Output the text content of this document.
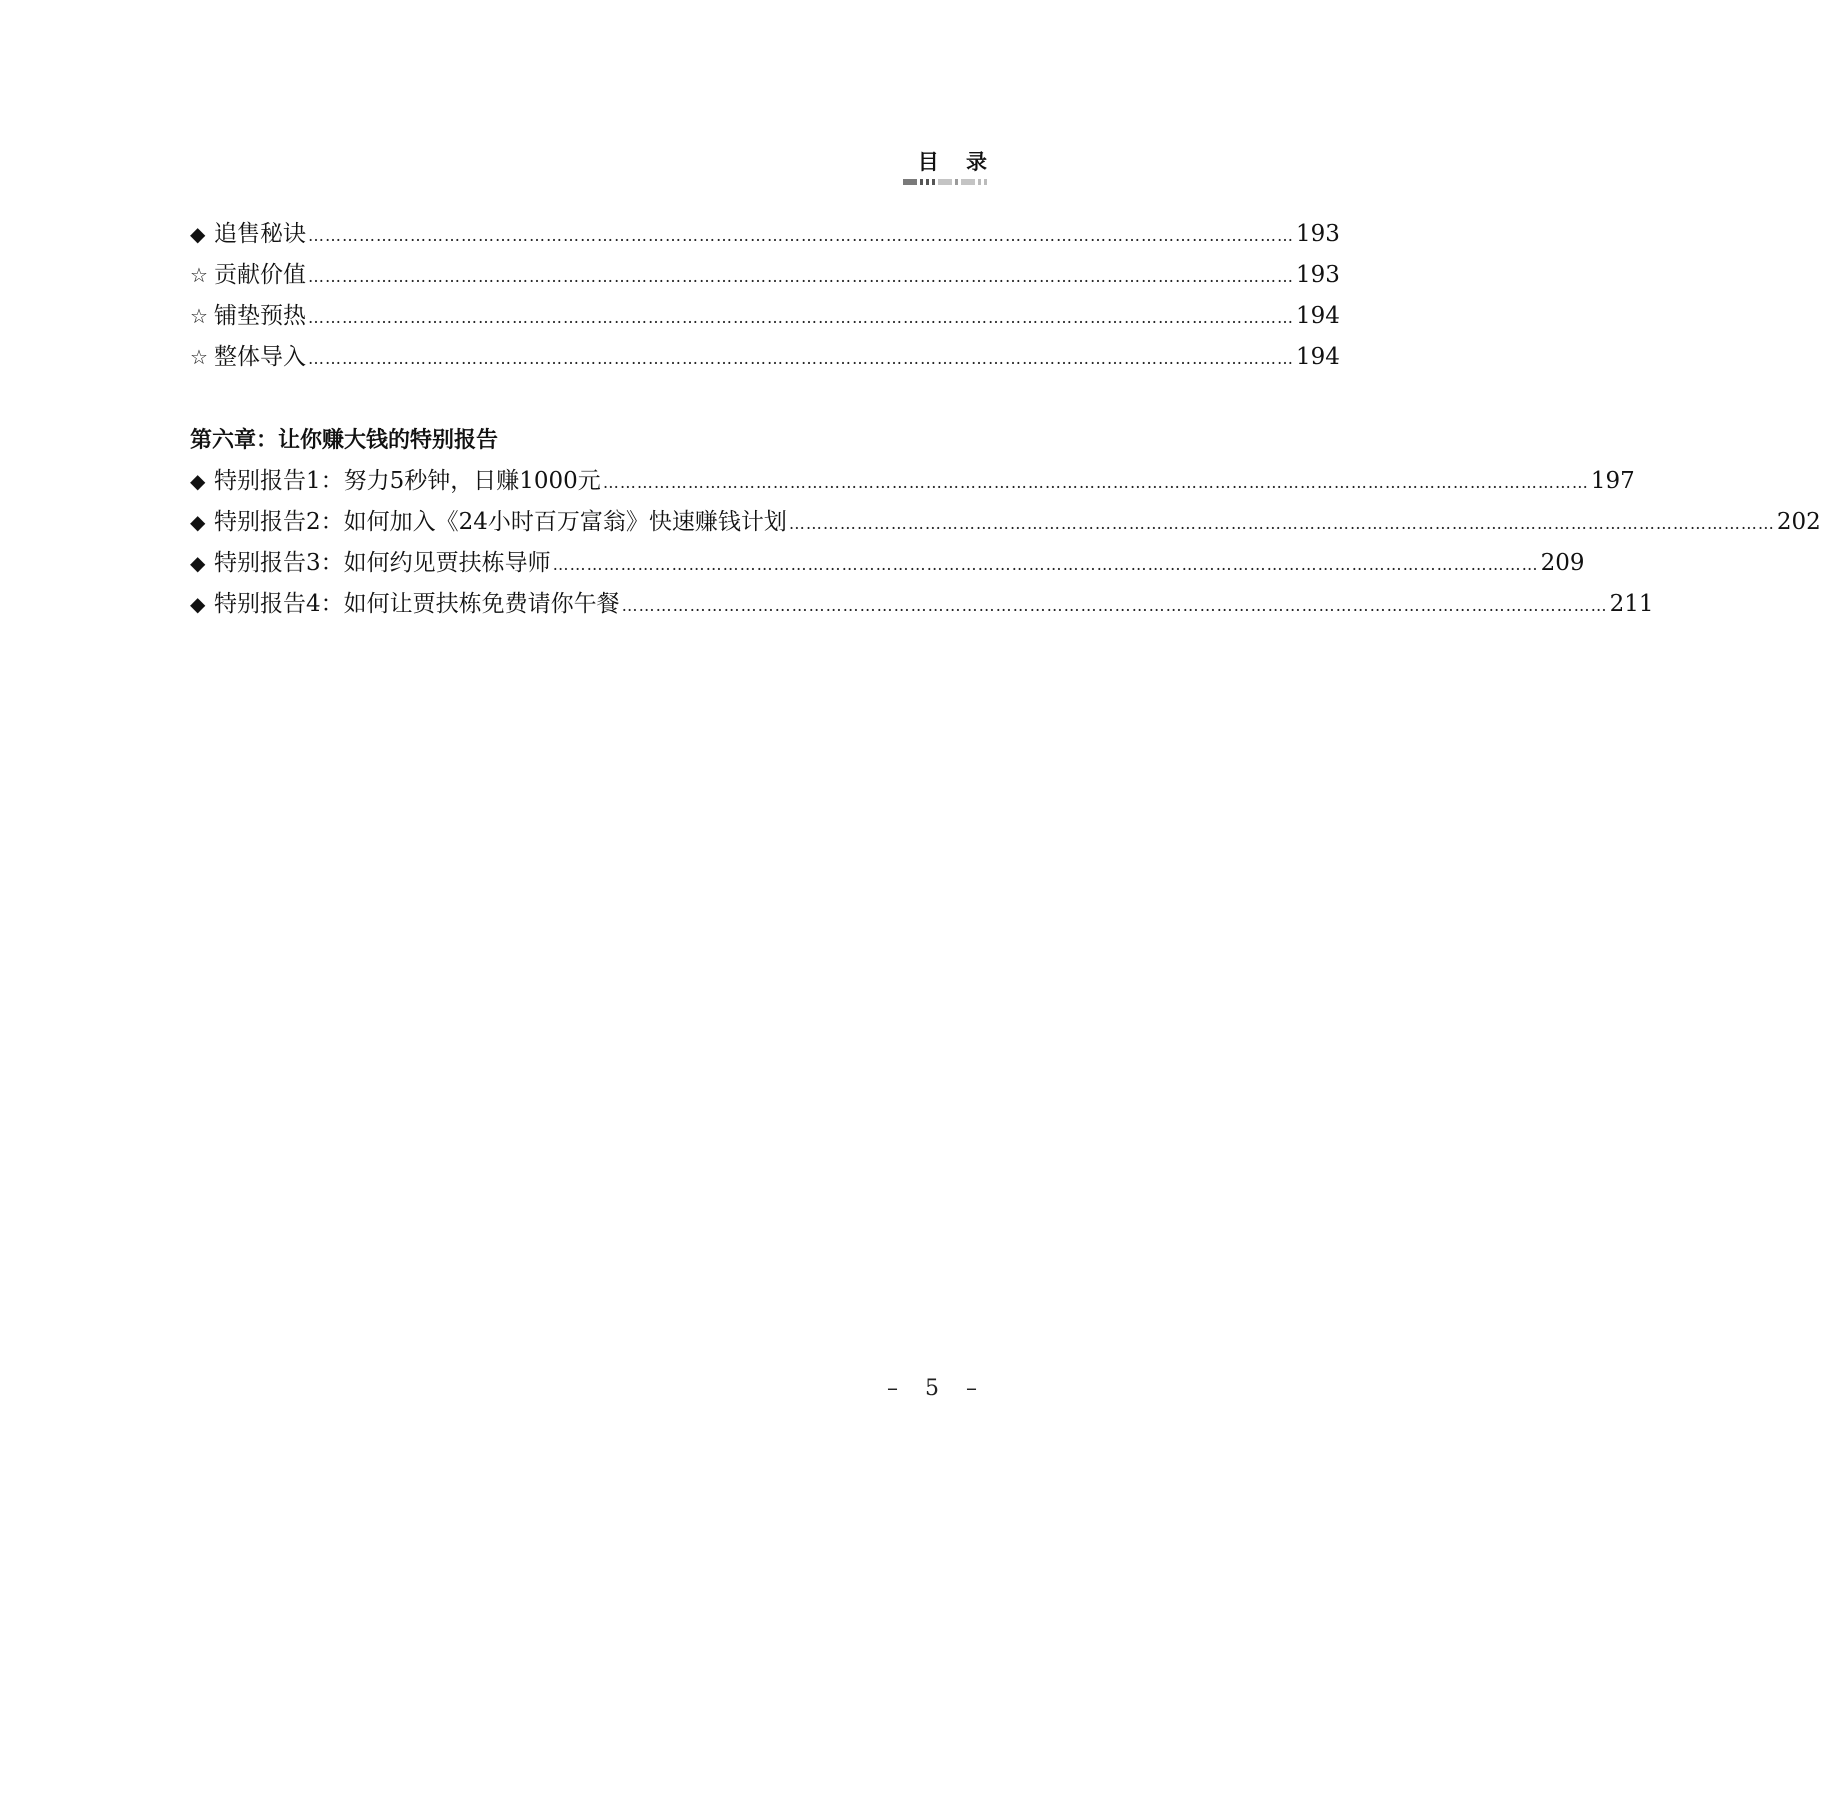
目 录
◆ 追售秘诀 ………………………………………………………………………………………………………………………………………………………… 193
☆ 贡献价值 ………………………………………………………………………………………………………………………………………………………… 193
☆ 铺垫预热 ………………………………………………………………………………………………………………………………………………………… 194
☆ 整体导入 ………………………………………………………………………………………………………………………………………………………… 194
第六章：让你赚大钱的特别报告
◆ 特别报告1：努力5秒钟，日赚1000元 ………………………………………………………………………………………………………………………………………………………… 197
◆ 特别报告2：如何加入《24小时百万富翁》快速赚钱计划 ………………………………………………………………………………………………………………………………………………………… 202
◆ 特别报告3：如何约见贾扶栋导师 ………………………………………………………………………………………………………………………………………………………… 209
◆ 特别报告4：如何让贾扶栋免费请你午餐 ………………………………………………………………………………………………………………………………………………………… 211
– 5 –
